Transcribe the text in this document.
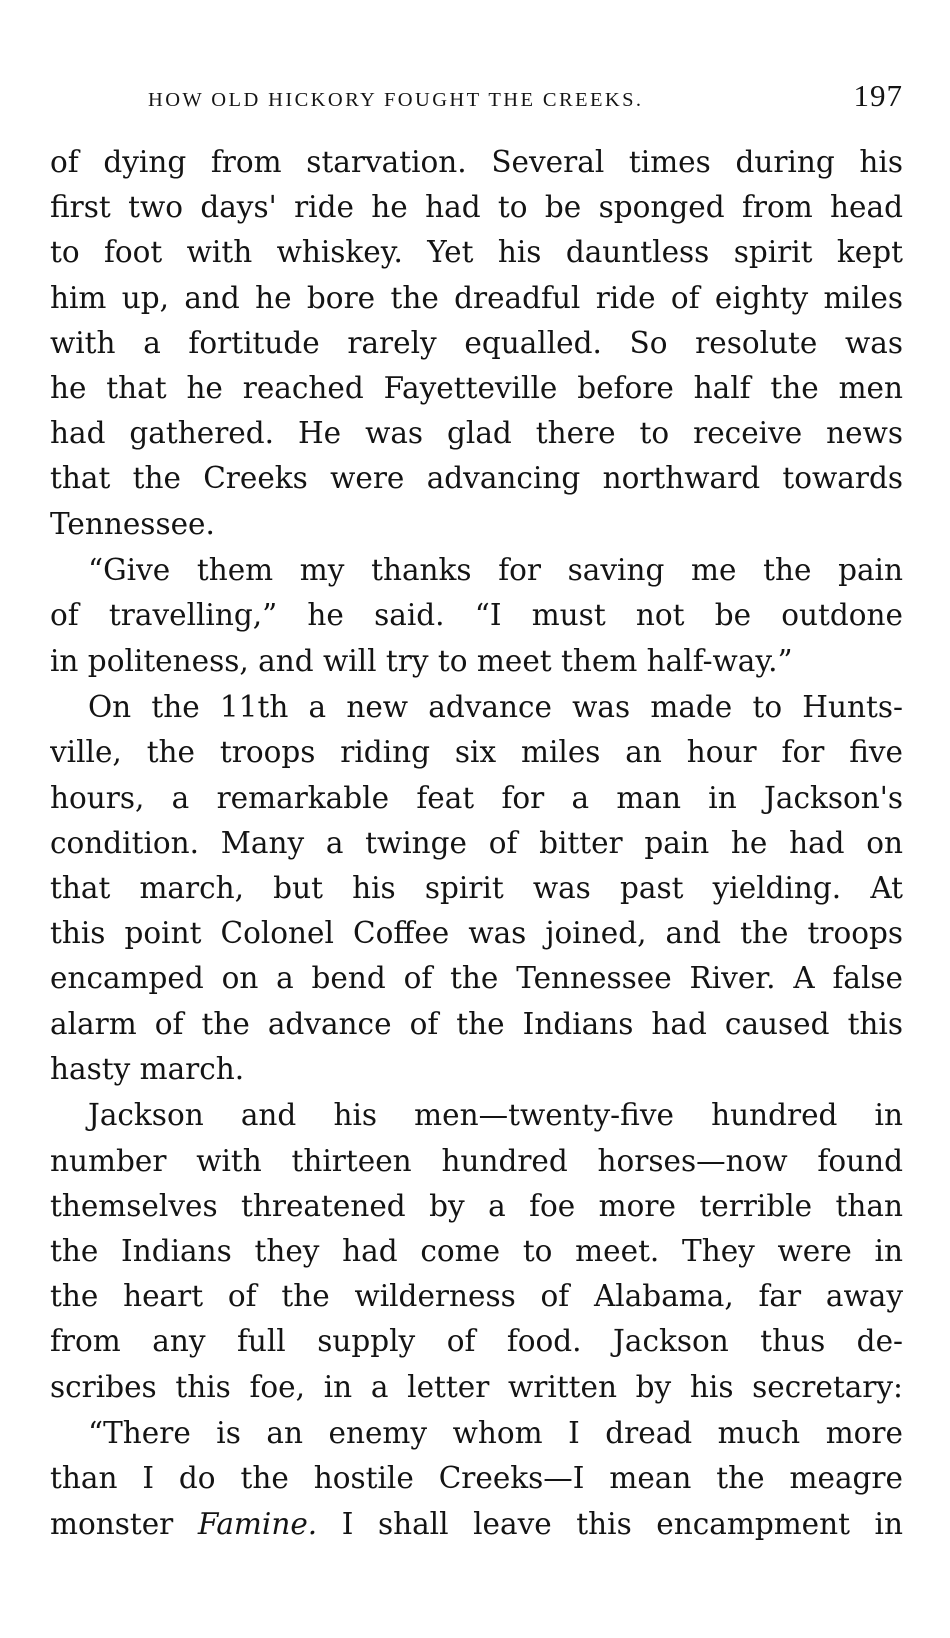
HOW OLD HICKORY FOUGHT THE CREEKS.	197
of dying from starvation. Several times during his
first two days' ride he had to be sponged from head
to foot with whiskey. Yet his dauntless spirit kept
him up, and he bore the dreadful ride of eighty miles
with a fortitude rarely equalled. So resolute was
he that he reached Fayetteville before half the men
had gathered. He was glad there to receive news
that the Creeks were advancing northward towards
Tennessee.
“Give them my thanks for saving me the pain
of travelling,” he said. “I must not be outdone
in politeness, and will try to meet them half-way.”
On the 11th a new advance was made to Hunts-
ville, the troops riding six miles an hour for five
hours, a remarkable feat for a man in Jackson's
condition. Many a twinge of bitter pain he had on
that march, but his spirit was past yielding. At
this point Colonel Coffee was joined, and the troops
encamped on a bend of the Tennessee River. A false
alarm of the advance of the Indians had caused this
hasty march.
Jackson and his men—twenty-five hundred in
number with thirteen hundred horses—now found
themselves threatened by a foe more terrible than
the Indians they had come to meet. They were in
the heart of the wilderness of Alabama, far away
from any full supply of food. Jackson thus de-
scribes this foe, in a letter written by his secretary:
“There is an enemy whom I dread much more
than I do the hostile Creeks—I mean the meagre
monster Famine. I shall leave this encampment in
